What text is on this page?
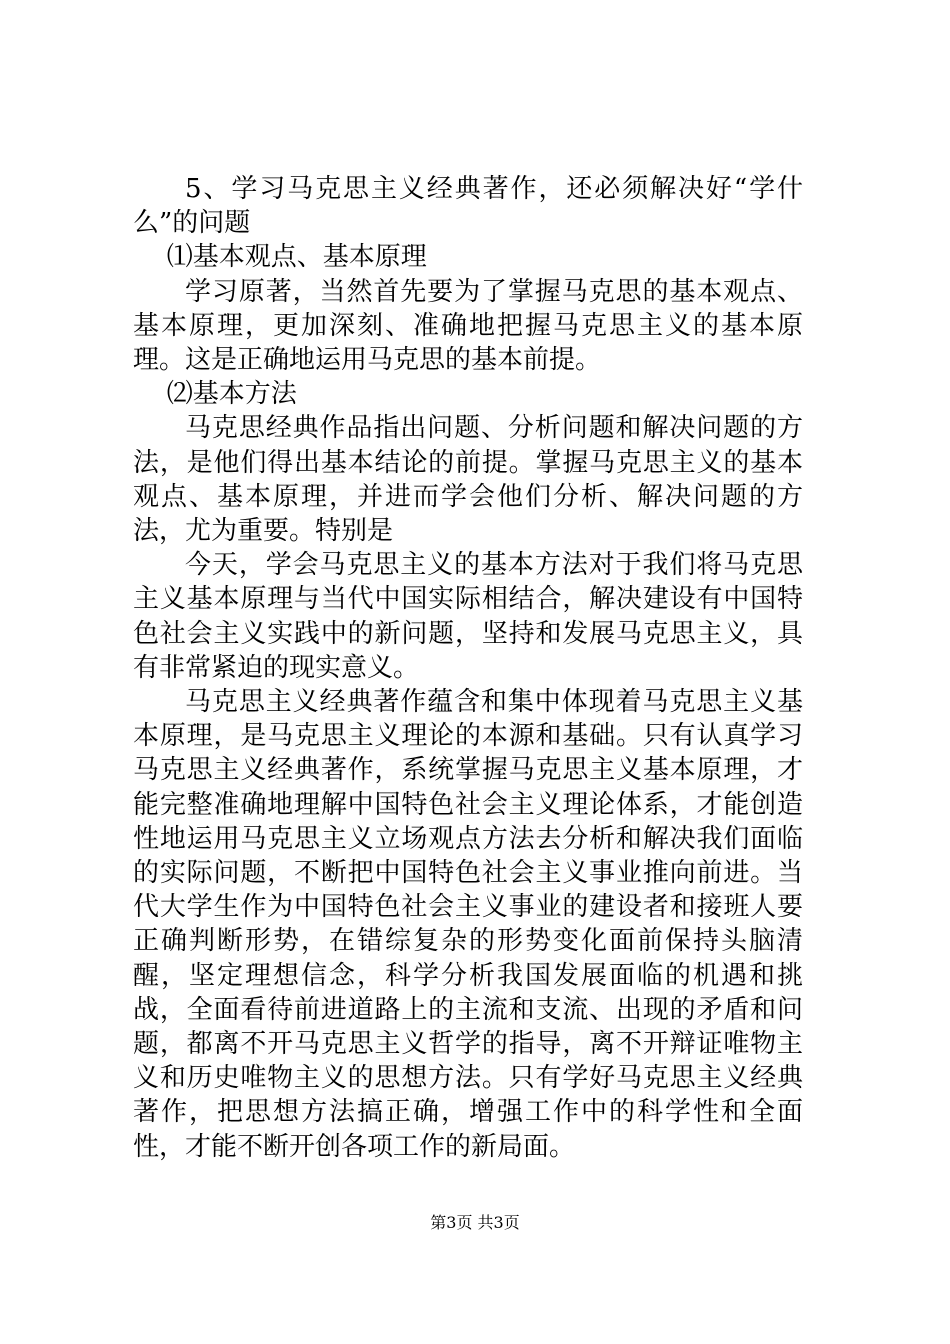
5、学习马克思主义经典著作，还必须解决好“学什么”的问题

⑴基本观点、基本原理

学习原著，当然首先要为了掌握马克思的基本观点、基本原理，更加深刻、准确地把握马克思主义的基本原理。这是正确地运用马克思的基本前提。

⑵基本方法

马克思经典作品指出问题、分析问题和解决问题的方法，是他们得出基本结论的前提。掌握马克思主义的基本观点、基本原理，并进而学会他们分析、解决问题的方法，尤为重要。特别是

今天，学会马克思主义的基本方法对于我们将马克思主义基本原理与当代中国实际相结合，解决建设有中国特色社会主义实践中的新问题，坚持和发展马克思主义，具有非常紧迫的现实意义。

马克思主义经典著作蕴含和集中体现着马克思主义基本原理，是马克思主义理论的本源和基础。只有认真学习马克思主义经典著作，系统掌握马克思主义基本原理，才能完整准确地理解中国特色社会主义理论体系，才能创造性地运用马克思主义立场观点方法去分析和解决我们面临的实际问题，不断把中国特色社会主义事业推向前进。当代大学生作为中国特色社会主义事业的建设者和接班人要正确判断形势，在错综复杂的形势变化面前保持头脑清醒，坚定理想信念，科学分析我国发展面临的机遇和挑战，全面看待前进道路上的主流和支流、出现的矛盾和问题，都离不开马克思主义哲学的指导，离不开辩证唯物主义和历史唯物主义的思想方法。只有学好马克思主义经典著作，把思想方法搞正确，增强工作中的科学性和全面性，才能不断开创各项工作的新局面。

第3页 共3页
